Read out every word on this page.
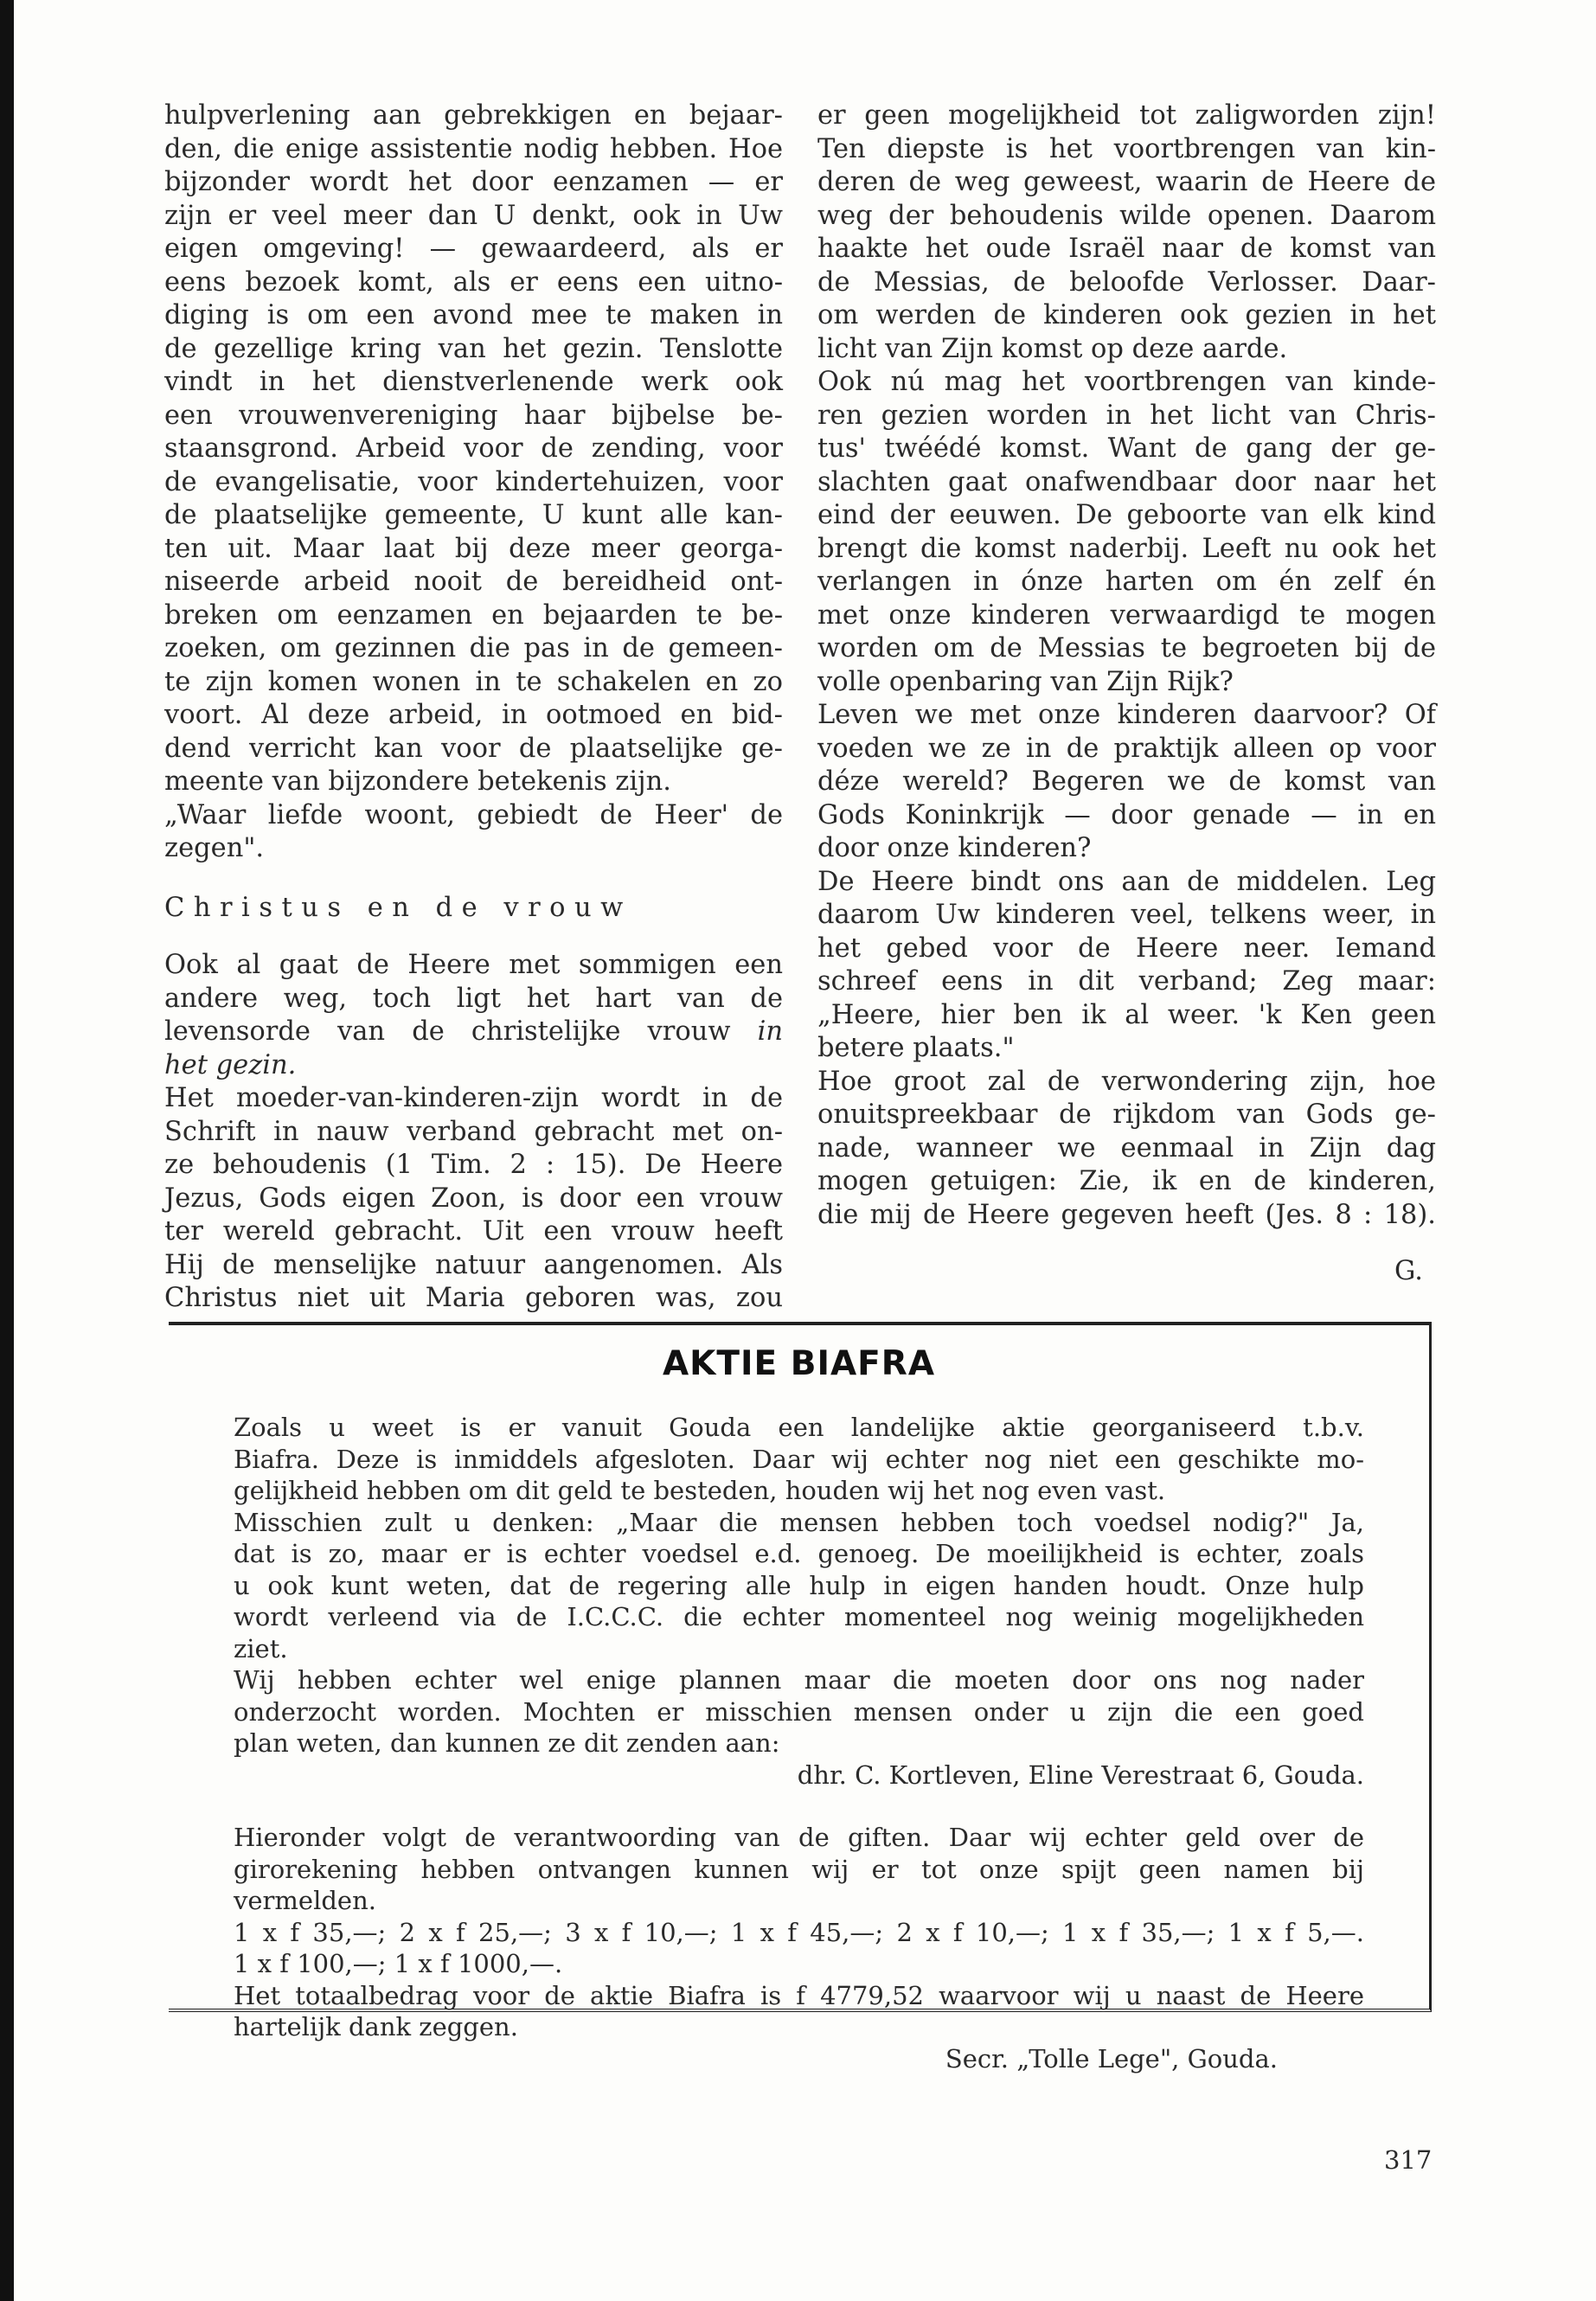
hulpverlening aan gebrekkigen en bejaar-

den, die enige assistentie nodig hebben. Hoe

bijzonder wordt het door eenzamen — er

zijn er veel meer dan U denkt, ook in Uw

eigen omgeving! — gewaardeerd, als er

eens bezoek komt, als er eens een uitno-

diging is om een avond mee te maken in

de gezellige kring van het gezin. Tenslotte

vindt in het dienstverlenende werk ook

een vrouwenvereniging haar bijbelse be-

staansgrond. Arbeid voor de zending, voor

de evangelisatie, voor kindertehuizen, voor

de plaatselijke gemeente, U kunt alle kan-

ten uit. Maar laat bij deze meer georga-

niseerde arbeid nooit de bereidheid ont-

breken om eenzamen en bejaarden te be-

zoeken, om gezinnen die pas in de gemeen-

te zijn komen wonen in te schakelen en zo

voort. Al deze arbeid, in ootmoed en bid-

dend verricht kan voor de plaatselijke ge-

meente van bijzondere betekenis zijn.

„Waar liefde woont, gebiedt de Heer' de

zegen".

Christus en de vrouw

Ook al gaat de Heere met sommigen een

andere weg, toch ligt het hart van de

levensorde van de christelijke vrouw in

het gezin.

Het moeder-van-kinderen-zijn wordt in de

Schrift in nauw verband gebracht met on-

ze behoudenis (1 Tim. 2 : 15). De Heere

Jezus, Gods eigen Zoon, is door een vrouw

ter wereld gebracht. Uit een vrouw heeft

Hij de menselijke natuur aangenomen. Als

Christus niet uit Maria geboren was, zou

er geen mogelijkheid tot zaligworden zijn!

Ten diepste is het voortbrengen van kin-

deren de weg geweest, waarin de Heere de

weg der behoudenis wilde openen. Daarom

haakte het oude Israël naar de komst van

de Messias, de beloofde Verlosser. Daar-

om werden de kinderen ook gezien in het

licht van Zijn komst op deze aarde.

Ook nú mag het voortbrengen van kinde-

ren gezien worden in het licht van Chris-

tus' twéédé komst. Want de gang der ge-

slachten gaat onafwendbaar door naar het

eind der eeuwen. De geboorte van elk kind

brengt die komst naderbij. Leeft nu ook het

verlangen in ónze harten om én zelf én

met onze kinderen verwaardigd te mogen

worden om de Messias te begroeten bij de

volle openbaring van Zijn Rijk?

Leven we met onze kinderen daarvoor? Of

voeden we ze in de praktijk alleen op voor

déze wereld? Begeren we de komst van

Gods Koninkrijk — door genade — in en

door onze kinderen?

De Heere bindt ons aan de middelen. Leg

daarom Uw kinderen veel, telkens weer, in

het gebed voor de Heere neer. Iemand

schreef eens in dit verband; Zeg maar:

„Heere, hier ben ik al weer. 'k Ken geen

betere plaats."

Hoe groot zal de verwondering zijn, hoe

onuitspreekbaar de rijkdom van Gods ge-

nade, wanneer we eenmaal in Zijn dag

mogen getuigen: Zie, ik en de kinderen,

die mij de Heere gegeven heeft (Jes. 8 : 18).

G.
AKTIE BIAFRA

Zoals u weet is er vanuit Gouda een landelijke aktie georganiseerd t.b.v.

Biafra. Deze is inmiddels afgesloten. Daar wij echter nog niet een geschikte mo-

gelijkheid hebben om dit geld te besteden, houden wij het nog even vast.

Misschien zult u denken: „Maar die mensen hebben toch voedsel nodig?" Ja,

dat is zo, maar er is echter voedsel e.d. genoeg. De moeilijkheid is echter, zoals

u ook kunt weten, dat de regering alle hulp in eigen handen houdt. Onze hulp

wordt verleend via de I.C.C.C. die echter momenteel nog weinig mogelijkheden

ziet.

Wij hebben echter wel enige plannen maar die moeten door ons nog nader

onderzocht worden. Mochten er misschien mensen onder u zijn die een goed

plan weten, dan kunnen ze dit zenden aan:

dhr. C. Kortleven, Eline Verestraat 6, Gouda.

Hieronder volgt de verantwoording van de giften. Daar wij echter geld over de

girorekening hebben ontvangen kunnen wij er tot onze spijt geen namen bij

vermelden.

1 x f 35,—; 2 x f 25,—; 3 x f 10,—; 1 x f 45,—; 2 x f 10,—; 1 x f 35,—; 1 x f 5,—.

1 x f 100,—; 1 x f 1000,—.

Het totaalbedrag voor de aktie Biafra is f 4779,52 waarvoor wij u naast de Heere

hartelijk dank zeggen.

Secr. „Tolle Lege", Gouda.

317
